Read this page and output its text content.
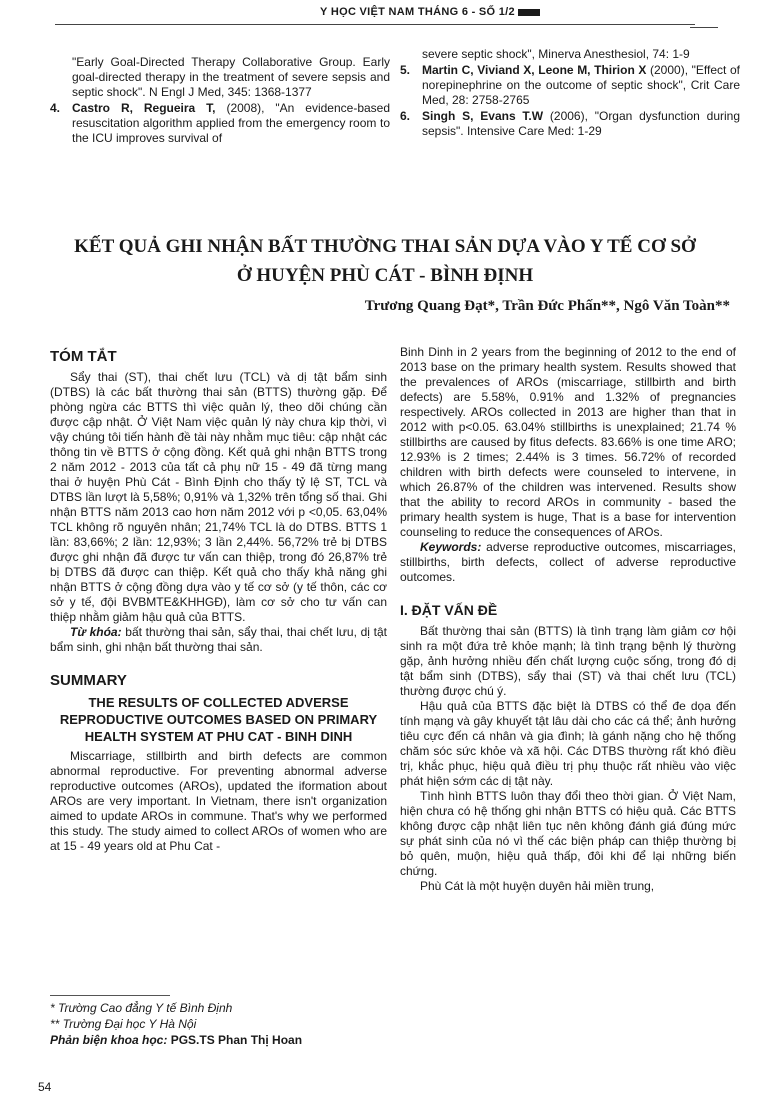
Y HỌC VIỆT NAM THÁNG 6 - SỐ 1/2
"Early Goal-Directed Therapy Collaborative Group. Early goal-directed therapy in the treatment of severe sepsis and septic shock". N Engl J Med, 345: 1368-1377
4. Castro R, Regueira T, (2008), "An evidence-based resuscitation algorithm applied from the emergency room to the ICU improves survival of
severe septic shock", Minerva Anesthesiol, 74: 1-9
5. Martin C, Viviand X, Leone M, Thirion X (2000), "Effect of norepinephrine on the outcome of septic shock", Crit Care Med, 28: 2758-2765
6. Singh S, Evans T.W (2006), "Organ dysfunction during sepsis". Intensive Care Med: 1-29
KẾT QUẢ GHI NHẬN BẤT THƯỜNG THAI SẢN DỰA VÀO Y TẾ CƠ SỞ
Ở HUYỆN PHÙ CÁT - BÌNH ĐỊNH
Trương Quang Đạt*, Trần Đức Phấn**, Ngô Văn Toàn**
TÓM TẮT

Sẩy thai (ST), thai chết lưu (TCL) và dị tật bẩm sinh (DTBS) là các bất thường thai sản (BTTS) thường gặp. Để phòng ngừa các BTTS thì việc quản lý, theo dõi chúng cần được cập nhật. Ở Việt Nam việc quản lý này chưa kịp thời, vì vậy chúng tôi tiến hành đề tài này nhằm mục tiêu: cập nhật các thông tin về BTTS ở cộng đồng. Kết quả ghi nhận BTTS trong 2 năm 2012 - 2013 của tất cả phụ nữ 15 - 49 đã từng mang thai ở huyện Phù Cát - Bình Định cho thấy tỷ lệ ST, TCL và DTBS lần lượt là 5,58%; 0,91% và 1,32% trên tổng số thai. Ghi nhận BTTS năm 2013 cao hơn năm 2012 với p <0,05. 63,04% TCL không rõ nguyên nhân; 21,74% TCL là do DTBS. BTTS 1 lần: 83,66%; 2 lần: 12,93%; 3 lần 2,44%. 56,72% trẻ bị DTBS được ghi nhận đã được tư vấn can thiệp, trong đó 26,87% trẻ bị DTBS đã được can thiệp. Kết quả cho thấy khả năng ghi nhận BTTS ở cộng đồng dựa vào y tế cơ sở (y tế thôn, các cơ sở y tế, đội BVBMTE&KHHGĐ), làm cơ sở cho tư vấn can thiệp nhằm giảm hậu quả của BTTS.

Từ khóa: bất thường thai sản, sẩy thai, thai chết lưu, dị tật bẩm sinh, ghi nhận bất thường thai sản.

SUMMARY
THE RESULTS OF COLLECTED ADVERSE REPRODUCTIVE OUTCOMES BASED ON PRIMARY HEALTH SYSTEM AT PHU CAT - BINH DINH

Miscarriage, stillbirth and birth defects are common abnormal reproductive. For preventing abnormal adverse reproductive outcomes (AROs), updated the iformation about AROs are very important. In Vietnam, there isn't organization aimed to update AROs in commune. That's why we performed this study. The study aimed to collect AROs of women who are at 15 - 49 years old at Phu Cat -

Binh Dinh in 2 years from the beginning of 2012 to the end of 2013 base on the primary health system. Results showed that the prevalences of AROs (miscarriage, stillbirth and birth defects) are 5.58%, 0.91% and 1.32% of pregnancies respectively. AROs collected in 2013 are higher than that in 2012 with p<0.05. 63.04% stillbirths is unexplained; 21.74 % stillbirths are caused by fitus defects. 83.66% is one time ARO; 12.93% is 2 times; 2.44% is 3 times. 56.72% of recorded children with birth defects were counseled to intervene, in which 26.87% of the children was intervened. Results show that the ability to record AROs in community - based the primary health system is huge, That is a base for intervention counseling to reduce the consequences of AROs.

Keywords: adverse reproductive outcomes, miscarriages, stillbirths, birth defects, collect of adverse reproductive outcomes.

I. ĐẶT VẤN ĐỀ

Bất thường thai sản (BTTS) là tình trạng làm giảm cơ hội sinh ra một đứa trẻ khỏe mạnh; là tình trạng bệnh lý thường gặp, ảnh hưởng nhiều đến chất lượng cuộc sống, trong đó dị tật bẩm sinh (DTBS), sẩy thai (ST) và thai chết lưu (TCL) thường được chú ý.

Hậu quả của BTTS đặc biệt là DTBS có thể đe dọa đến tính mạng và gây khuyết tật lâu dài cho các cá thể; ảnh hưởng tiêu cực đến cá nhân và gia đình; là gánh nặng cho hệ thống chăm sóc sức khỏe và xã hội. Các DTBS thường rất khó điều trị, khắc phục, hiệu quả điều trị phụ thuộc rất nhiều vào việc phát hiện sớm các dị tật này.

Tình hình BTTS luôn thay đổi theo thời gian. Ở Việt Nam, hiện chưa có hệ thống ghi nhận BTTS có hiệu quả. Các BTTS không được cập nhật liên tục nên không đánh giá đúng mức sự phát sinh của nó vì thế các biện pháp can thiệp thường bị bỏ quên, muộn, hiệu quả thấp, đôi khi để lại những biến chứng.

Phù Cát là một huyện duyên hải miền trung,

* Trường Cao đẳng Y tế Bình Định
** Trường Đại học Y Hà Nội
Phản biện khoa học: PGS.TS Phan Thị Hoan
54
